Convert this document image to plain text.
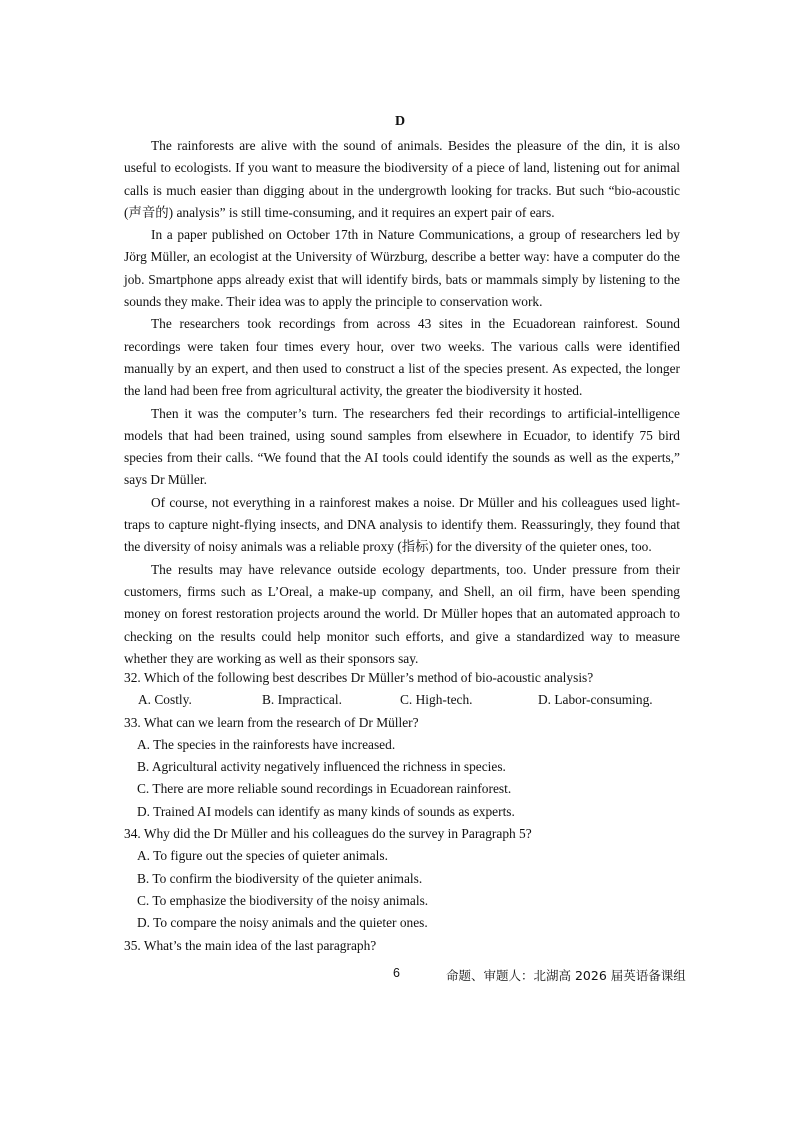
D

The rainforests are alive with the sound of animals. Besides the pleasure of the din, it is also useful to ecologists. If you want to measure the biodiversity of a piece of land, listening out for animal calls is much easier than digging about in the undergrowth looking for tracks. But such “bio-acoustic (声音的) analysis” is still time-consuming, and it requires an expert pair of ears.

In a paper published on October 17th in Nature Communications, a group of researchers led by Jörg Müller, an ecologist at the University of Würzburg, describe a better way: have a computer do the job. Smartphone apps already exist that will identify birds, bats or mammals simply by listening to the sounds they make. Their idea was to apply the principle to conservation work.

The researchers took recordings from across 43 sites in the Ecuadorean rainforest. Sound recordings were taken four times every hour, over two weeks. The various calls were identified manually by an expert, and then used to construct a list of the species present. As expected, the longer the land had been free from agricultural activity, the greater the biodiversity it hosted.

Then it was the computer’s turn. The researchers fed their recordings to artificial-intelligence models that had been trained, using sound samples from elsewhere in Ecuador, to identify 75 bird species from their calls. “We found that the AI tools could identify the sounds as well as the experts,” says Dr Müller.

Of course, not everything in a rainforest makes a noise. Dr Müller and his colleagues used light-traps to capture night-flying insects, and DNA analysis to identify them. Reassuringly, they found that the diversity of noisy animals was a reliable proxy (指标) for the diversity of the quieter ones, too.

The results may have relevance outside ecology departments, too. Under pressure from their customers, firms such as L’Oreal, a make-up company, and Shell, an oil firm, have been spending money on forest restoration projects around the world. Dr Müller hopes that an automated approach to checking on the results could help monitor such efforts, and give a standardized way to measure whether they are working as well as their sponsors say.

32. Which of the following best describes Dr Müller’s method of bio-acoustic analysis?

A. Costly.	B. Impractical.	C. High-tech.	D. Labor-consuming.

33. What can we learn from the research of Dr Müller?

A. The species in the rainforests have increased.
B. Agricultural activity negatively influenced the richness in species.
C. There are more reliable sound recordings in Ecuadorean rainforest.
D. Trained AI models can identify as many kinds of sounds as experts.

34. Why did the Dr Müller and his colleagues do the survey in Paragraph 5?

A. To figure out the species of quieter animals.
B. To confirm the biodiversity of the quieter animals.
C. To emphasize the biodiversity of the noisy animals.
D. To compare the noisy animals and the quieter ones.

35. What’s the main idea of the last paragraph?

6	命题、审题人：北湖高 2026 届英语备课组
